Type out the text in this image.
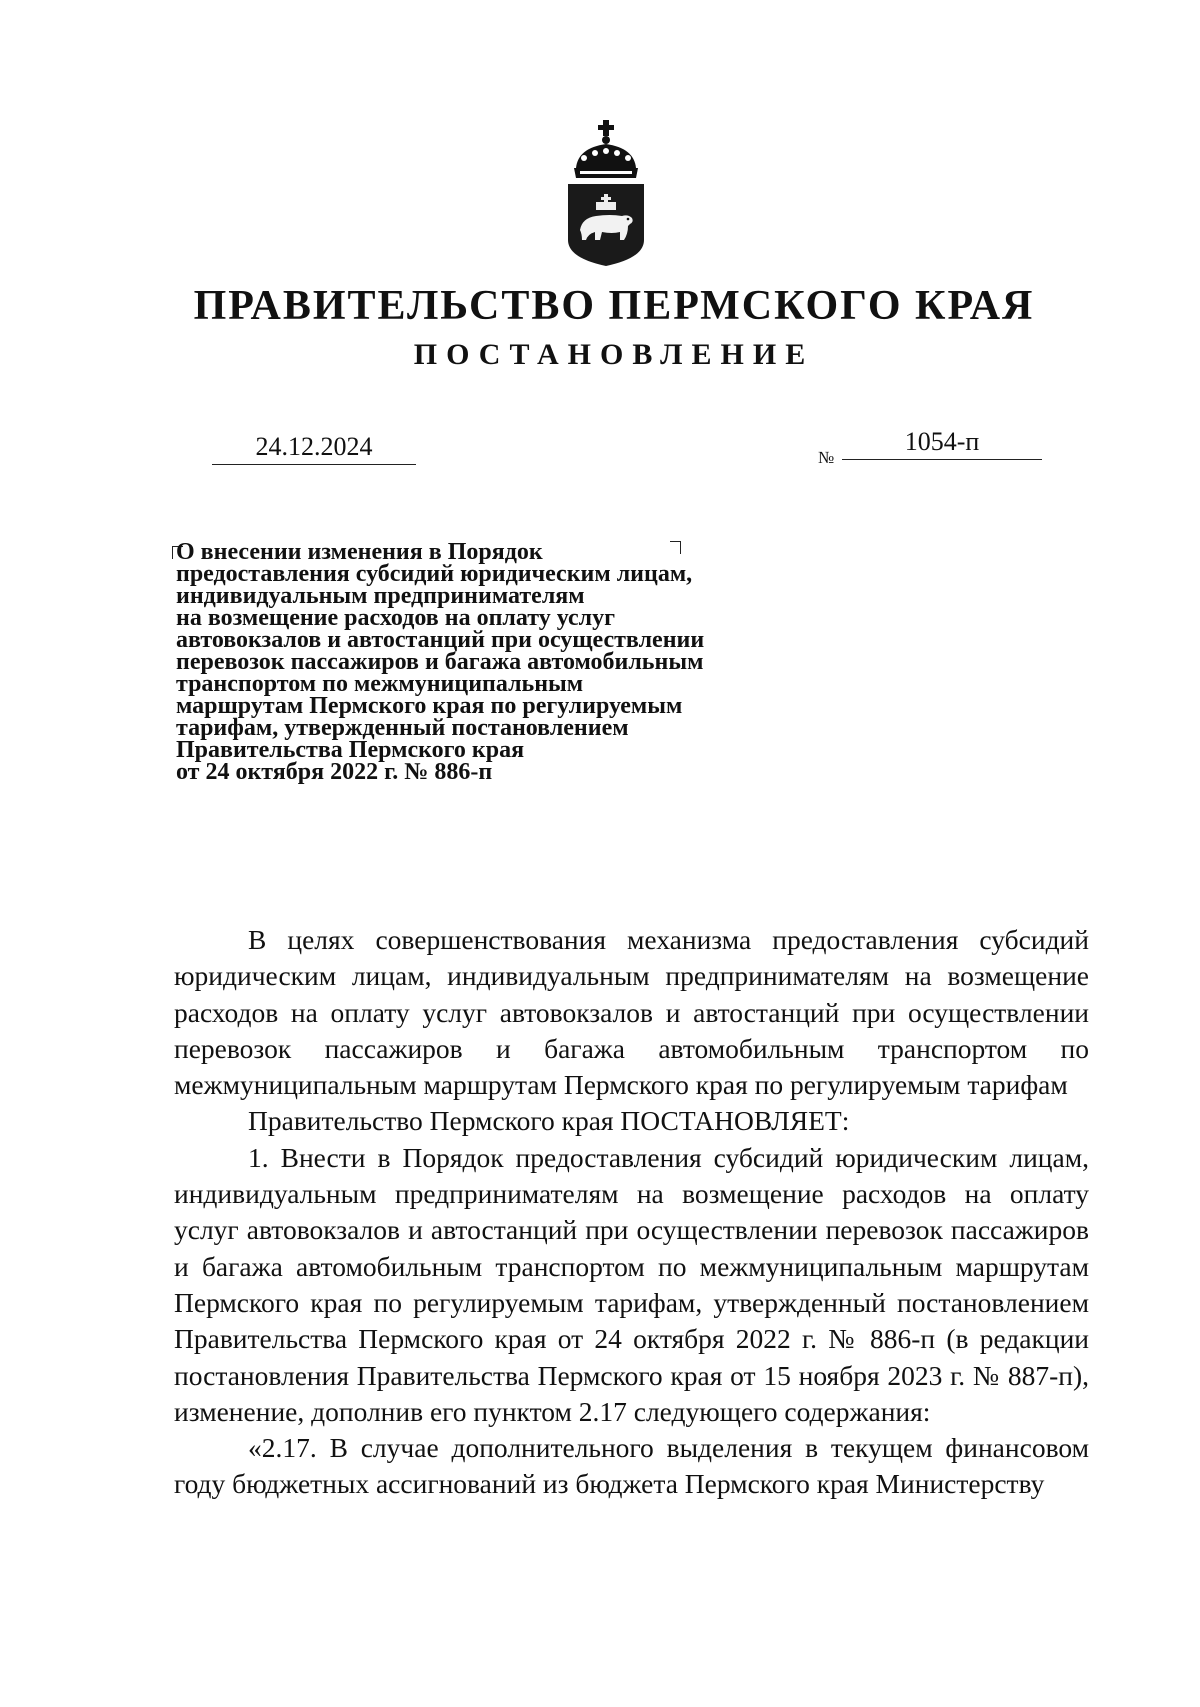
ПРАВИТЕЛЬСТВО ПЕРМСКОГО КРАЯ
ПОСТАНОВЛЕНИЕ
24.12.2024	№
1054-п
О внесении изменения в Порядок
предоставления субсидий юридическим лицам,
индивидуальным предпринимателям
на возмещение расходов на оплату услуг
автовокзалов и автостанций при осуществлении
перевозок пассажиров и багажа автомобильным
транспортом по межмуниципальным
маршрутам Пермского края по регулируемым
тарифам, утвержденный постановлением
Правительства Пермского края
от 24 октября 2022 г. № 886-п

В целях совершенствования механизма предоставления субсидий юридическим лицам, индивидуальным предпринимателям на возмещение расходов на оплату услуг автовокзалов и автостанций при осуществлении перевозок пассажиров и багажа автомобильным транспортом по межмуниципальным маршрутам Пермского края по регулируемым тарифам

Правительство Пермского края ПОСТАНОВЛЯЕТ:

1. Внести в Порядок предоставления субсидий юридическим лицам, индивидуальным предпринимателям на возмещение расходов на оплату услуг автовокзалов и автостанций при осуществлении перевозок пассажиров и багажа автомобильным транспортом по межмуниципальным маршрутам Пермского края по регулируемым тарифам, утвержденный постановлением Правительства Пермского края от 24 октября 2022 г. № 886-п (в редакции постановления Правительства Пермского края от 15 ноября 2023 г. № 887-п), изменение, дополнив его пунктом 2.17 следующего содержания:

«2.17. В случае дополнительного выделения в текущем финансовом году бюджетных ассигнований из бюджета Пермского края Министерству
